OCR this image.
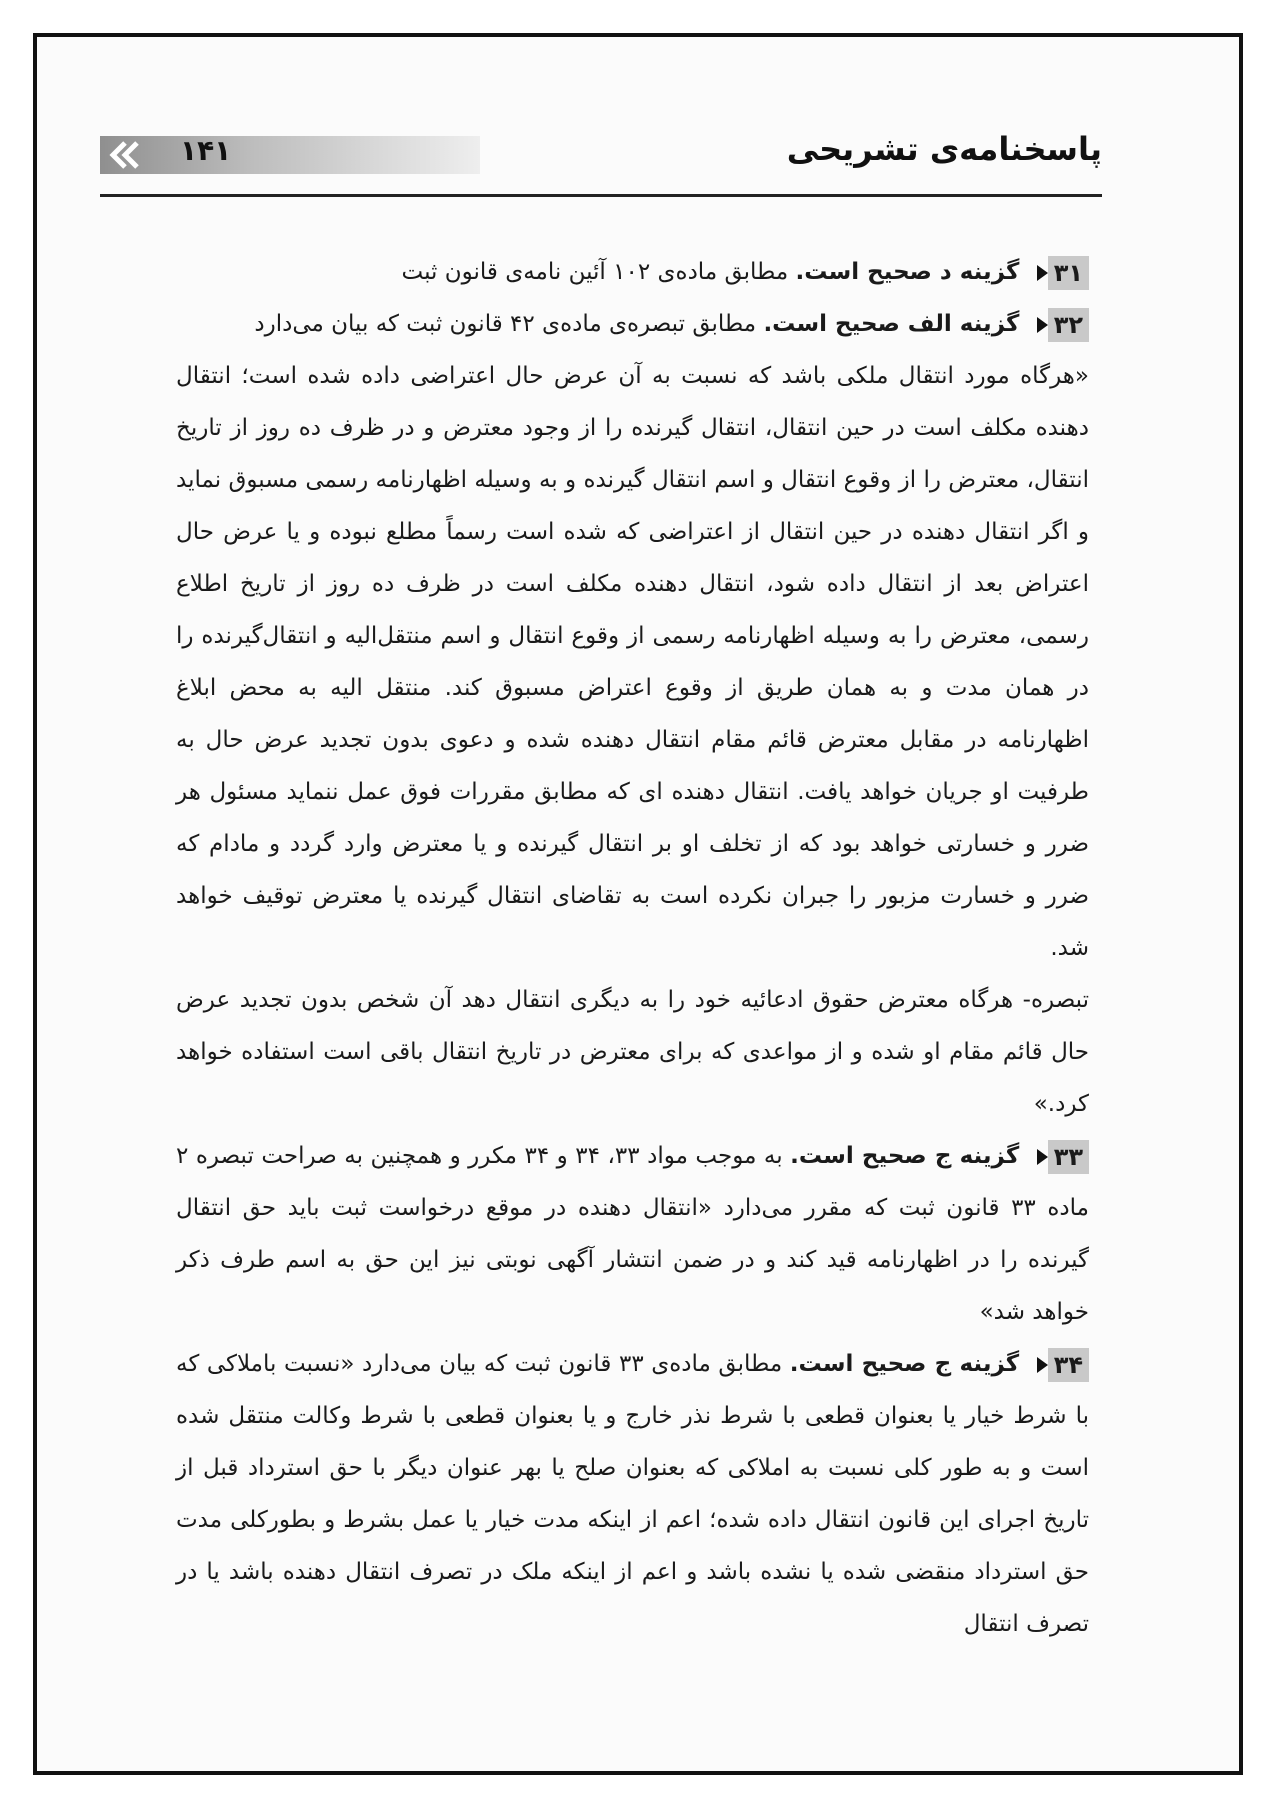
۱۴۱	پاسخنامه‌ی تشریحی

۳۱
گزینه د صحیح است. مطابق ماده‌ی ۱۰۲ آئین نامه‌ی قانون ثبت

۳۲
گزینه الف صحیح است. مطابق تبصره‌ی ماده‌ی ۴۲ قانون ثبت که بیان می‌دارد

«هرگاه مورد انتقال ملکی باشد که نسبت به آن عرض حال اعتراضی داده شده است؛ انتقال دهنده مکلف است در حین انتقال، انتقال گیرنده را از وجود معترض و در ظرف ده روز از تاریخ انتقال، معترض را از وقوع انتقال و اسم انتقال گیرنده و به وسیله اظهارنامه رسمی مسبوق نماید و اگر انتقال دهنده در حین انتقال از اعتراضی که شده است رسماً مطلع نبوده و یا عرض حال اعتراض بعد از انتقال داده شود، انتقال دهنده مکلف است در ظرف ده روز از تاریخ اطلاع رسمی، معترض را به وسیله اظهارنامه رسمی از وقوع انتقال و اسم منتقل‌الیه و انتقال‌گیرنده را در همان مدت و به همان طریق از وقوع اعتراض مسبوق کند. منتقل الیه به محض ابلاغ اظهارنامه در مقابل معترض قائم مقام انتقال دهنده شده و دعوی بدون تجدید عرض حال به طرفیت او جریان خواهد یافت. انتقال دهنده ای که مطابق مقررات فوق عمل ننماید مسئول هر ضرر و خسارتی خواهد بود که از تخلف او بر انتقال گیرنده و یا معترض وارد گردد و مادام که ضرر و خسارت مزبور را جبران نکرده است به تقاضای انتقال گیرنده یا معترض توقیف خواهد شد.

تبصره- هرگاه معترض حقوق ادعائیه خود را به دیگری انتقال دهد آن شخص بدون تجدید عرض حال قائم مقام او شده و از مواعدی که برای معترض در تاریخ انتقال باقی است استفاده خواهد کرد.»

۳۳
گزینه ج صحیح است. به موجب مواد ۳۳، ۳۴ و ۳۴ مکرر و همچنین به صراحت تبصره ۲ ماده ۳۳ قانون ثبت که مقرر می‌دارد «انتقال دهنده در موقع درخواست ثبت باید حق انتقال گیرنده را در اظهارنامه قید کند و در ضمن انتشار آگهی نوبتی نیز این حق به اسم طرف ذکر خواهد شد»

۳۴
گزینه ج صحیح است. مطابق ماده‌ی ۳۳ قانون ثبت که بیان می‌دارد «نسبت باملاکی که با شرط خیار یا بعنوان قطعی با شرط نذر خارج و یا بعنوان قطعی با شرط وکالت منتقل شده است و به طور کلی نسبت به املاکی که بعنوان صلح یا بهر عنوان دیگر با حق استرداد قبل از تاریخ اجرای این قانون انتقال داده شده؛ اعم از اینکه مدت خیار یا عمل بشرط و بطورکلی مدت حق استرداد منقضی شده یا نشده باشد و اعم از اینکه ملک در تصرف انتقال دهنده باشد یا در تصرف انتقال
